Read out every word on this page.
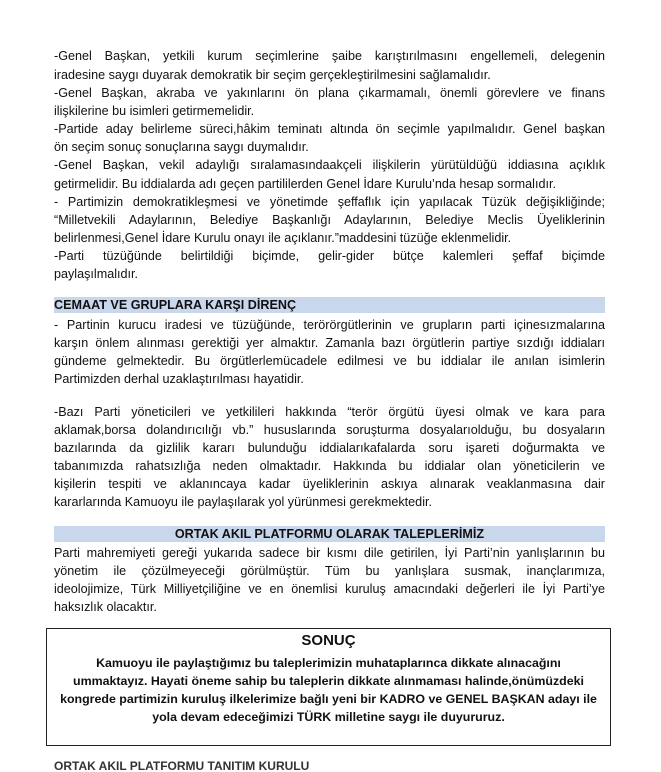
-Genel Başkan, yetkili kurum seçimlerine şaibe karıştırılmasını engellemeli, delegenin
iradesine saygı duyarak demokratik bir seçim gerçekleştirilmesini sağlamalıdır.
-Genel Başkan, akraba ve yakınlarını ön plana çıkarmamalı, önemli görevlere ve finans
ilişkilerine bu isimleri getirmemelidir.
-Partide aday belirleme süreci,hâkim teminatı altında ön seçimle yapılmalıdır. Genel başkan
ön seçim sonuç sonuçlarına saygı duymalıdır.
-Genel Başkan, vekil adaylığı sıralamasındaakçeli ilişkilerin yürütüldüğü iddiasına açıklık
getirmelidir. Bu iddialarda adı geçen partililerden Genel İdare Kurulu’nda hesap sormalıdır.
- Partimizin demokratikleşmesi ve yönetimde şeffaflık için yapılacak Tüzük değişikliğinde;
“Milletvekili Adaylarının, Belediye Başkanlığı Adaylarının, Belediye Meclis Üyeliklerinin
belirlenmesi,Genel İdare Kurulu onayı ile açıklanır.”maddesini tüzüğe eklenmelidir.
-Parti tüzüğünde belirtildiği biçimde, gelir-gider bütçe kalemleri şeffaf biçimde
paylaşılmalıdır.
CEMAAT VE GRUPLARA KARŞI DİRENÇ
- Partinin kurucu iradesi ve tüzüğünde, terörörgütlerinin ve grupların parti içinesızmalarına
karşın önlem alınması gerektiği yer almaktır. Zamanla bazı örgütlerin partiye sızdığı iddiaları
gündeme gelmektedir. Bu örgütlerlemücadele edilmesi ve bu iddialar ile anılan isimlerin
Partimizden derhal uzaklaştırılması hayatidir.
-Bazı Parti yöneticileri ve yetkilileri hakkında “terör örgütü üyesi olmak ve kara para
aklamak,borsa dolandırıcılığı vb.” hususlarında soruşturma dosyalarıolduğu, bu dosyaların
bazılarında da gizlilik kararı bulunduğu iddialarıkafalarda soru işareti doğurmakta ve
tabanımızda rahatsızlığa neden olmaktadır. Hakkında bu iddialar olan yöneticilerin ve
kişilerin tespiti ve aklanıncaya kadar üyeliklerinin askıya alınarak veaklanmasına dair
kararlarında Kamuoyu ile paylaşılarak yol yürünmesi gerekmektedir.
ORTAK AKIL PLATFORMU OLARAK TALEPLERİMİZ
Parti mahremiyeti gereği yukarıda sadece bir kısmı dile getirilen, İyi Parti’nin yanlışlarının bu
yönetim ile çözülmeyeceği görülmüştür. Tüm bu yanlışlara susmak, inançlarımıza,
ideolojimize, Türk Milliyetçiliğine ve en önemlisi kuruluş amacındaki değerleri ile İyi Parti’ye
haksızlık olacaktır.
SONUÇ
Kamuoyu ile paylaştığımız bu taleplerimizin muhataplarınca dikkate alınacağını
ummaktayız. Hayati öneme sahip bu taleplerin dikkate alınmaması halinde,önümüzdeki
kongrede partimizin kuruluş ilkelerimize bağlı yeni bir KADRO ve GENEL BAŞKAN adayı ile
yola devam edeceğimizi TÜRK milletine saygı ile duyururuz.
ORTAK AKIL PLATFORMU TANITIM KURULU
